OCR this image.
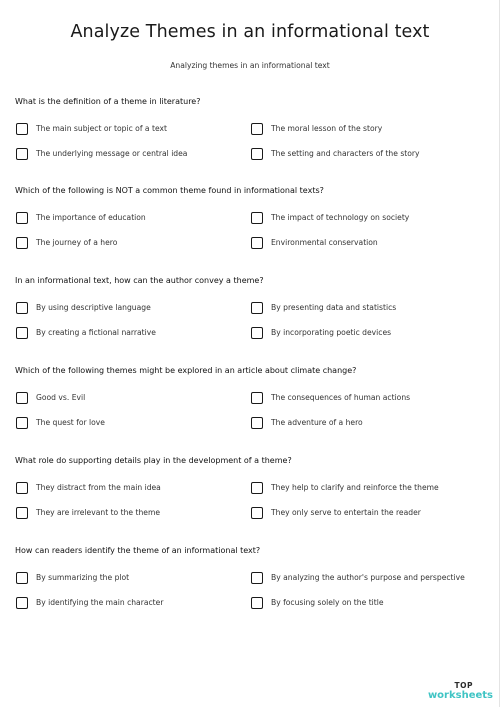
Analyze Themes in an informational text
Analyzing themes in an informational text
What is the definition of a theme in literature?
The main subject or topic of a text	The moral lesson of the story
The underlying message or central idea	The setting and characters of the story
Which of the following is NOT a common theme found in informational texts?
The importance of education	The impact of technology on society
The journey of a hero	Environmental conservation
In an informational text, how can the author convey a theme?
By using descriptive language	By presenting data and statistics
By creating a fictional narrative	By incorporating poetic devices
Which of the following themes might be explored in an article about climate change?
Good vs. Evil	The consequences of human actions
The quest for love	The adventure of a hero
What role do supporting details play in the development of a theme?
They distract from the main idea	They help to clarify and reinforce the theme
They are irrelevant to the theme	They only serve to entertain the reader
How can readers identify the theme of an informational text?
By summarizing the plot	By analyzing the author's purpose and perspective
By identifying the main character	By focusing solely on the title
TOP
worksheets
